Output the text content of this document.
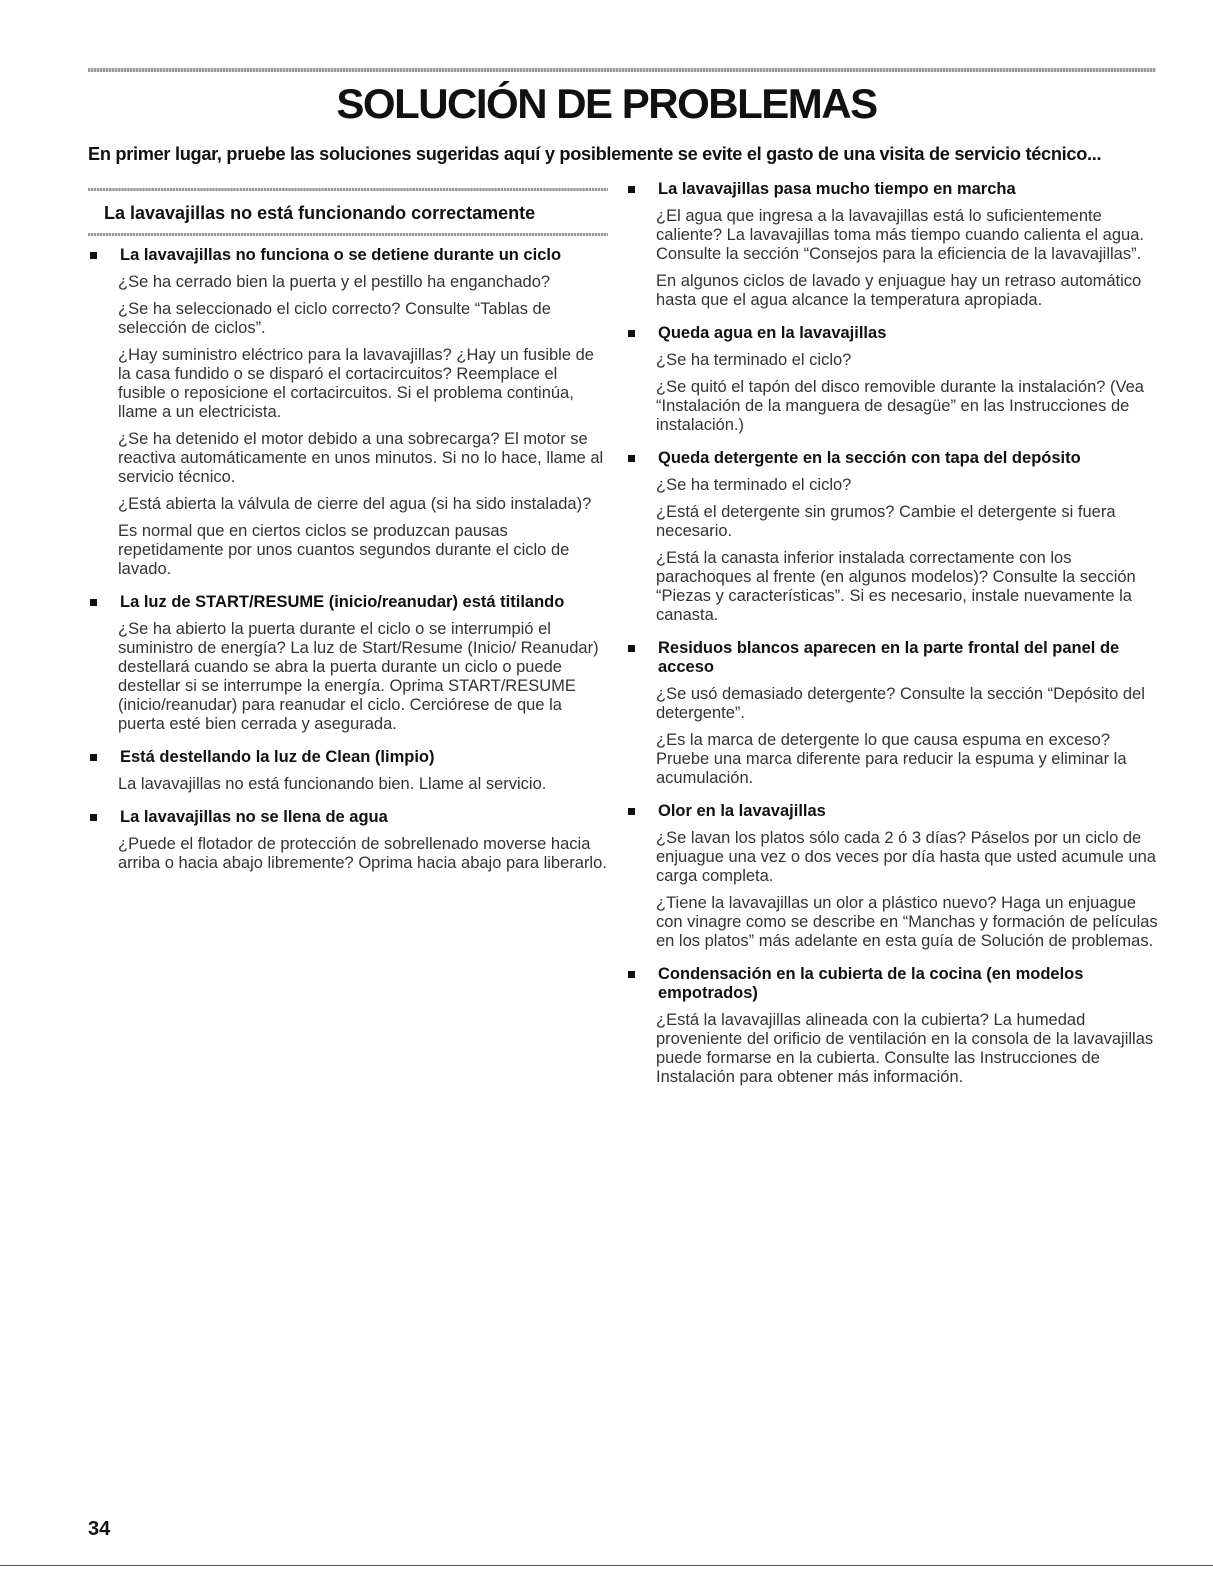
SOLUCIÓN DE PROBLEMAS
En primer lugar, pruebe las soluciones sugeridas aquí y posiblemente se evite el gasto de una visita de servicio técnico...
La lavavajillas no está funcionando correctamente
La lavavajillas no funciona o se detiene durante un ciclo

¿Se ha cerrado bien la puerta y el pestillo ha enganchado?

¿Se ha seleccionado el ciclo correcto? Consulte “Tablas de selección de ciclos”.

¿Hay suministro eléctrico para la lavavajillas? ¿Hay un fusible de la casa fundido o se disparó el cortacircuitos? Reemplace el fusible o reposicione el cortacircuitos. Si el problema continúa, llame a un electricista.

¿Se ha detenido el motor debido a una sobrecarga? El motor se reactiva automáticamente en unos minutos. Si no lo hace, llame al servicio técnico.

¿Está abierta la válvula de cierre del agua (si ha sido instalada)?

Es normal que en ciertos ciclos se produzcan pausas repetidamente por unos cuantos segundos durante el ciclo de lavado.

La luz de START/RESUME (inicio/reanudar) está titilando

¿Se ha abierto la puerta durante el ciclo o se interrumpió el suministro de energía? La luz de Start/Resume (Inicio/ Reanudar) destellará cuando se abra la puerta durante un ciclo o puede destellar si se interrumpe la energía. Oprima START/RESUME (inicio/reanudar) para reanudar el ciclo. Cerciórese de que la puerta esté bien cerrada y asegurada.

Está destellando la luz de Clean (limpio)

La lavavajillas no está funcionando bien. Llame al servicio.

La lavavajillas no se llena de agua

¿Puede el flotador de protección de sobrellenado moverse hacia arriba o hacia abajo libremente? Oprima hacia abajo para liberarlo.

La lavavajillas pasa mucho tiempo en marcha

¿El agua que ingresa a la lavavajillas está lo suficientemente caliente? La lavavajillas toma más tiempo cuando calienta el agua. Consulte la sección “Consejos para la eficiencia de la lavavajillas”.

En algunos ciclos de lavado y enjuague hay un retraso automático hasta que el agua alcance la temperatura apropiada.

Queda agua en la lavavajillas

¿Se ha terminado el ciclo?

¿Se quitó el tapón del disco removible durante la instalación? (Vea “Instalación de la manguera de desagüe” en las Instrucciones de instalación.)

Queda detergente en la sección con tapa del depósito

¿Se ha terminado el ciclo?

¿Está el detergente sin grumos? Cambie el detergente si fuera necesario.

¿Está la canasta inferior instalada correctamente con los parachoques al frente (en algunos modelos)? Consulte la sección “Piezas y características”. Si es necesario, instale nuevamente la canasta.

Residuos blancos aparecen en la parte frontal del panel de acceso

¿Se usó demasiado detergente? Consulte la sección “Depósito del detergente”.

¿Es la marca de detergente lo que causa espuma en exceso? Pruebe una marca diferente para reducir la espuma y eliminar la acumulación.

Olor en la lavavajillas

¿Se lavan los platos sólo cada 2 ó 3 días? Páselos por un ciclo de enjuague una vez o dos veces por día hasta que usted acumule una carga completa.

¿Tiene la lavavajillas un olor a plástico nuevo? Haga un enjuague con vinagre como se describe en “Manchas y formación de películas en los platos” más adelante en esta guía de Solución de problemas.

Condensación en la cubierta de la cocina (en modelos empotrados)

¿Está la lavavajillas alineada con la cubierta? La humedad proveniente del orificio de ventilación en la consola de la lavavajillas puede formarse en la cubierta. Consulte las Instrucciones de Instalación para obtener más información.

34
